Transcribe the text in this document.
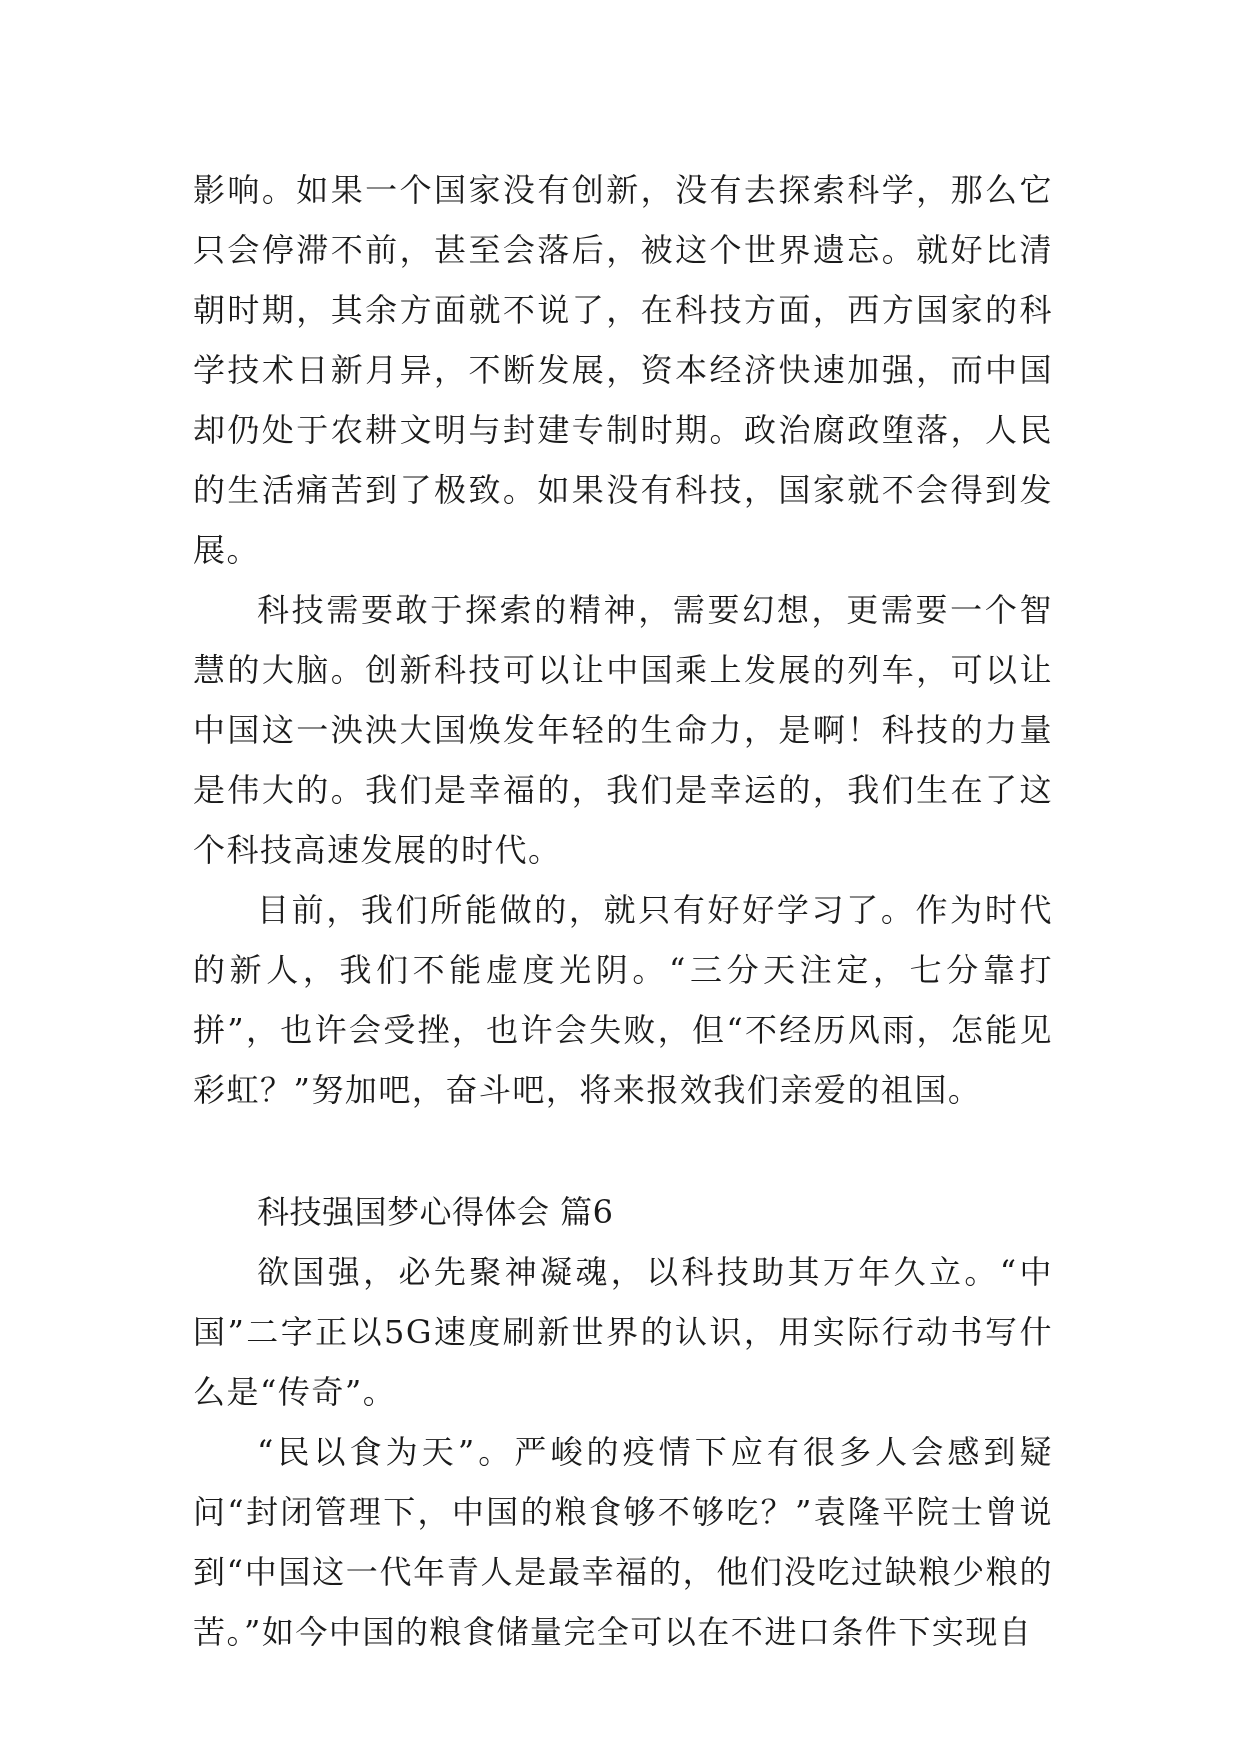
影响。如果一个国家没有创新，没有去探索科学，那么它只会停滞不前，甚至会落后，被这个世界遗忘。就好比清朝时期，其余方面就不说了，在科技方面，西方国家的科学技术日新月异，不断发展，资本经济快速加强，而中国却仍处于农耕文明与封建专制时期。政治腐政堕落，人民的生活痛苦到了极致。如果没有科技，国家就不会得到发展。

科技需要敢于探索的精神，需要幻想，更需要一个智慧的大脑。创新科技可以让中国乘上发展的列车，可以让中国这一泱泱大国焕发年轻的生命力，是啊！科技的力量是伟大的。我们是幸福的，我们是幸运的，我们生在了这个科技高速发展的时代。

目前，我们所能做的，就只有好好学习了。作为时代的新人，我们不能虚度光阴。“三分天注定，七分靠打拼”，也许会受挫，也许会失败，但“不经历风雨，怎能见彩虹？”努加吧，奋斗吧，将来报效我们亲爱的祖国。

科技强国梦心得体会 篇6

欲国强，必先聚神凝魂，以科技助其万年久立。“中国”二字正以5G速度刷新世界的认识，用实际行动书写什么是“传奇”。

“民以食为天”。严峻的疫情下应有很多人会感到疑问“封闭管理下，中国的粮食够不够吃？”袁隆平院士曾说到“中国这一代年青人是最幸福的，他们没吃过缺粮少粮的苦。”如今中国的粮食储量完全可以在不进口条件下实现自
